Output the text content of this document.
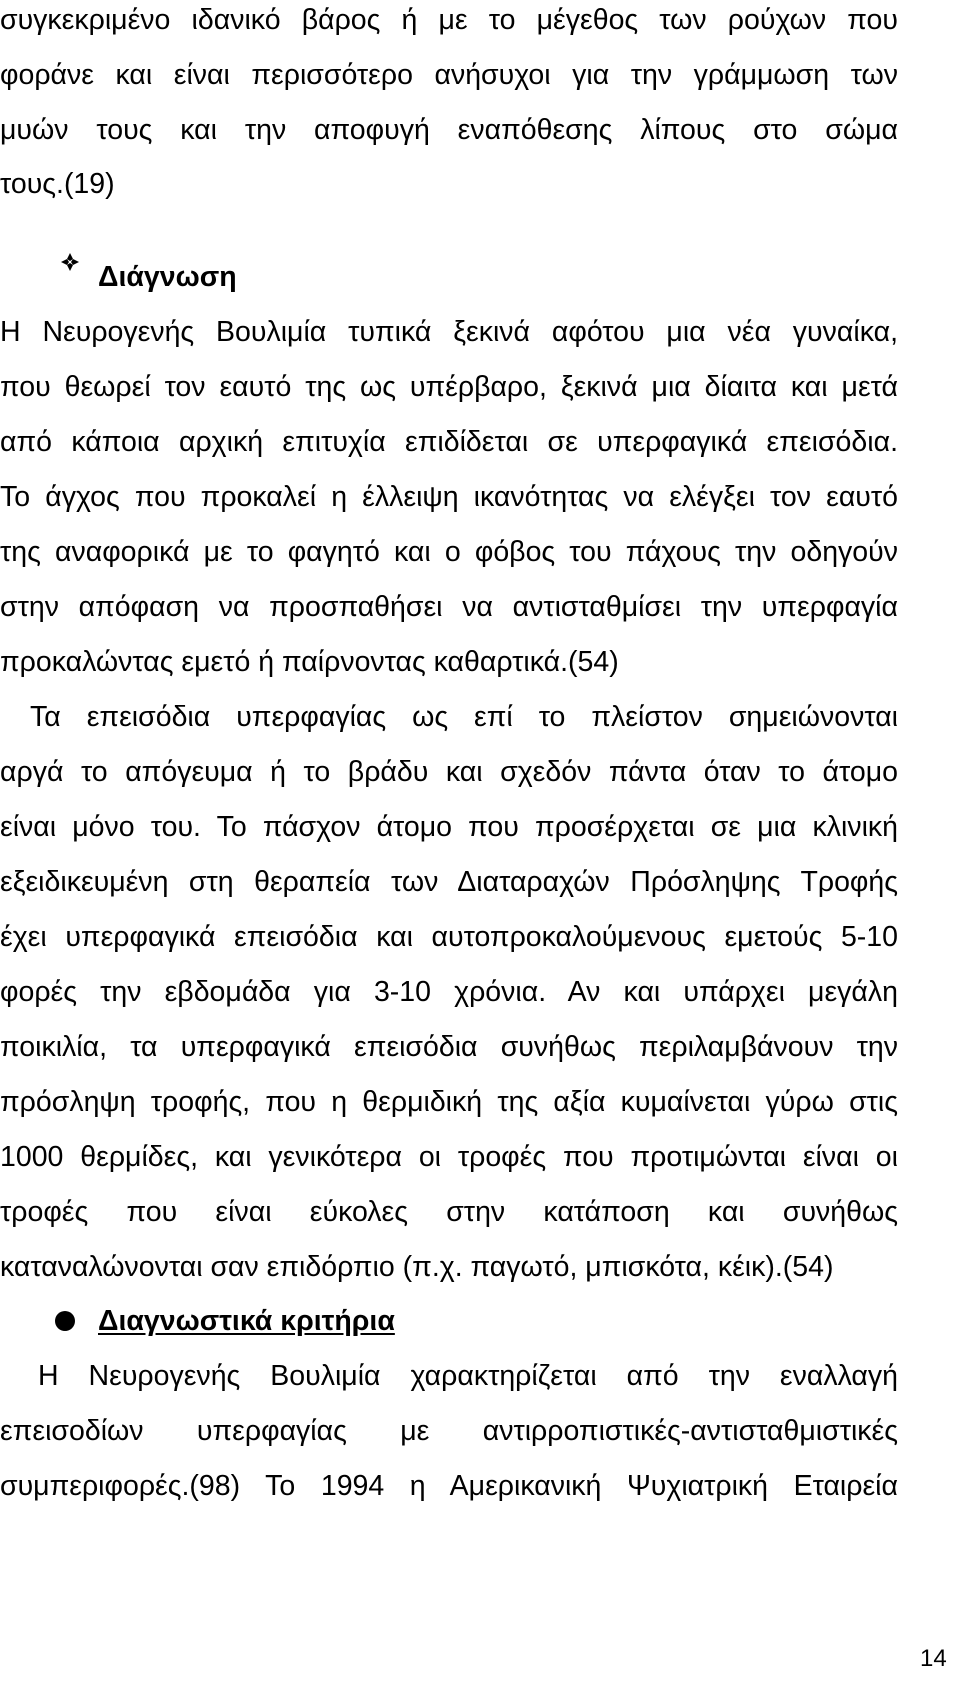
συγκεκριμένο ιδανικό βάρος ή με το μέγεθος των ρούχων που
φοράνε και είναι περισσότερο ανήσυχοι για την γράμμωση των
μυών τους και την αποφυγή εναπόθεσης λίπους στο σώμα
τους.(19)
Διάγνωση
Η Νευρογενής Βουλιμία τυπικά ξεκινά αφότου μια νέα γυναίκα,
που θεωρεί τον εαυτό της ως υπέρβαρο, ξεκινά μια δίαιτα και μετά
από κάποια αρχική επιτυχία επιδίδεται σε υπερφαγικά επεισόδια.
Το άγχος που προκαλεί η έλλειψη ικανότητας να ελέγξει τον εαυτό
της αναφορικά με το φαγητό και ο φόβος του πάχους την οδηγούν
στην απόφαση να προσπαθήσει να αντισταθμίσει την υπερφαγία
προκαλώντας εμετό ή παίρνοντας καθαρτικά.(54)
Τα επεισόδια υπερφαγίας ως επί το πλείστον σημειώνονται
αργά το απόγευμα ή το βράδυ και σχεδόν πάντα όταν το άτομο
είναι μόνο του. Το πάσχον άτομο που προσέρχεται σε μια κλινική
εξειδικευμένη στη θεραπεία των Διαταραχών Πρόσληψης Τροφής
έχει υπερφαγικά επεισόδια και αυτοπροκαλούμενους εμετούς 5-10
φορές την εβδομάδα για 3-10 χρόνια. Αν και υπάρχει μεγάλη
ποικιλία, τα υπερφαγικά επεισόδια συνήθως περιλαμβάνουν την
πρόσληψη τροφής, που η θερμιδική της αξία κυμαίνεται γύρω στις
1000 θερμίδες, και γενικότερα οι τροφές που προτιμώνται είναι οι
τροφές που είναι εύκολες στην κατάποση και συνήθως
καταναλώνονται σαν επιδόρπιο (π.χ. παγωτό, μπισκότα, κέικ).(54)
Διαγνωστικά κριτήρια
Η Νευρογενής Βουλιμία χαρακτηρίζεται από την εναλλαγή
επεισοδίων υπερφαγίας με αντιρροπιστικές-αντισταθμιστικές
συμπεριφορές.(98) Το 1994 η Αμερικανική Ψυχιατρική Εταιρεία
14
